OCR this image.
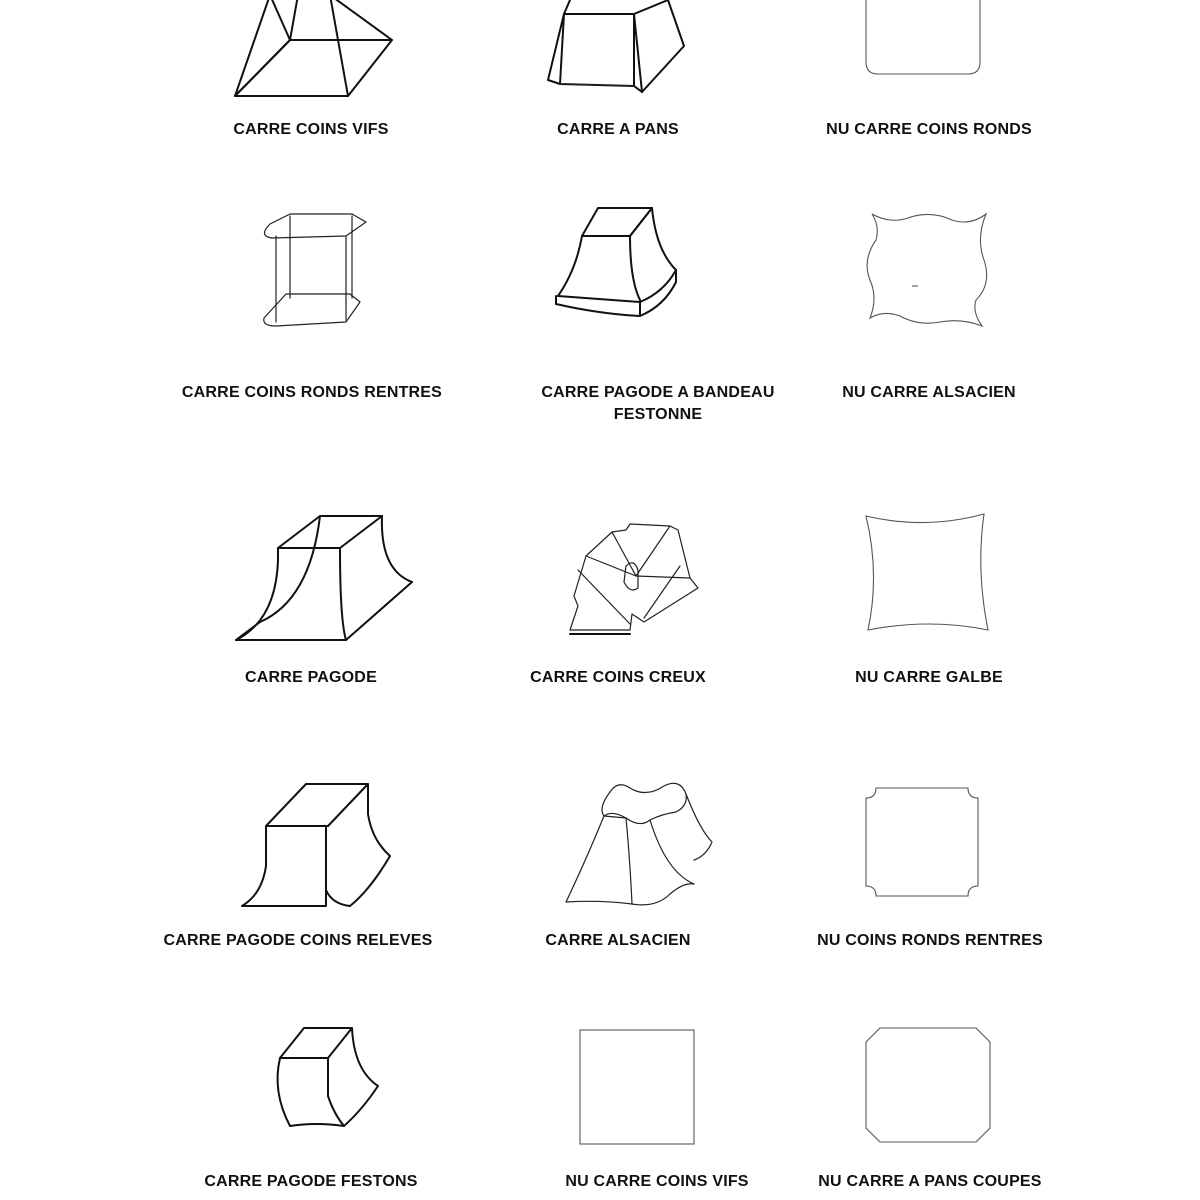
CARRE COINS VIFS	CARRE A PANS	NU CARRE COINS RONDS
CARRE COINS RONDS RENTRES	CARRE PAGODE A BANDEAU FESTONNE
NU CARRE ALSACIEN
CARRE PAGODE	CARRE COINS CREUX	NU CARRE GALBE
CARRE PAGODE COINS RELEVES	CARRE ALSACIEN	NU COINS RONDS RENTRES
CARRE PAGODE FESTONS	NU CARRE COINS VIFS	NU CARRE A PANS COUPES
